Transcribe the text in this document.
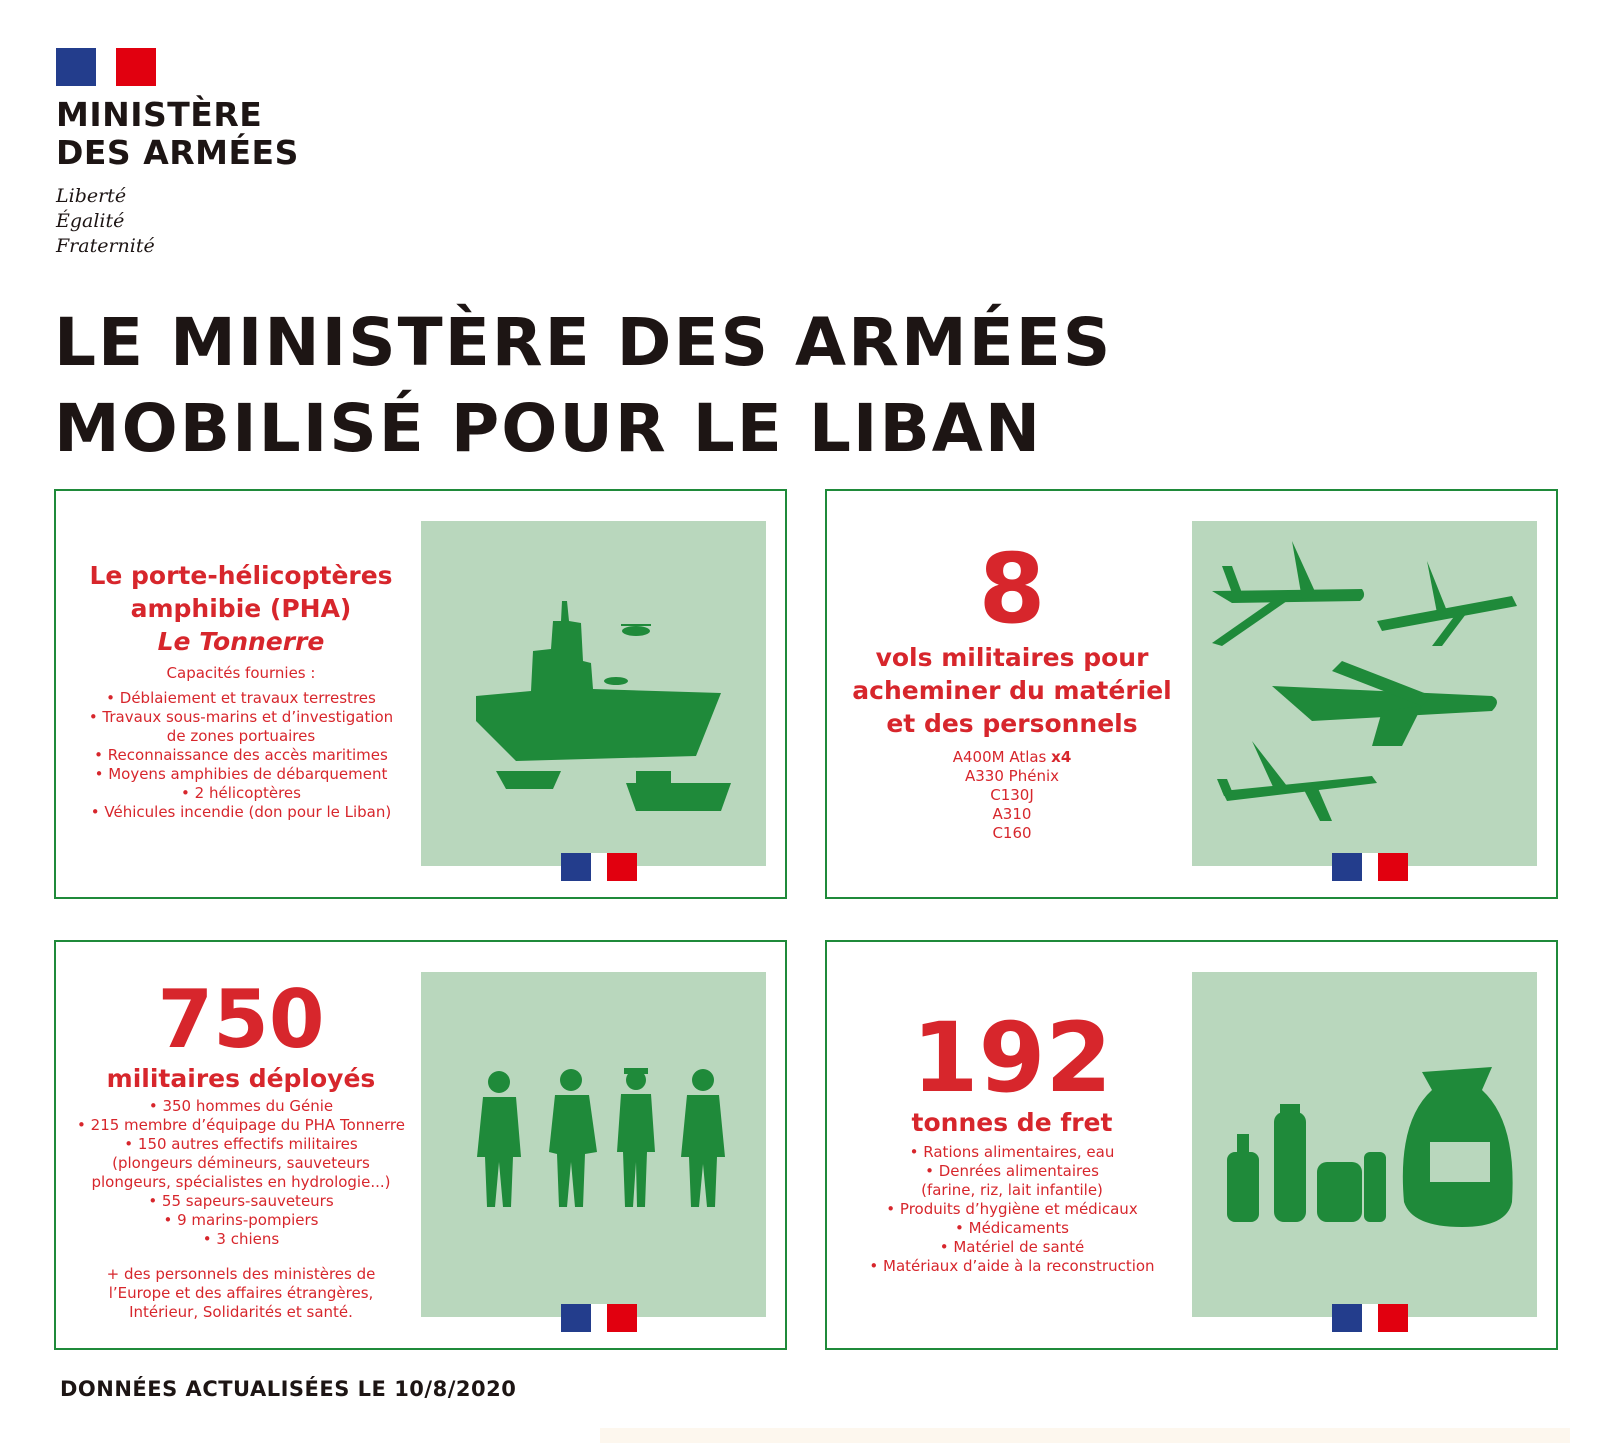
MINISTÈRE
DES ARMÉES
Liberté
Égalité
Fraternité
LE MINISTÈRE DES ARMÉES
MOBILISÉ POUR LE LIBAN
Le porte-hélicoptères
amphibie (PHA)
Le Tonnerre
Capacités fournies :
• Déblaiement et travaux terrestres
• Travaux sous-marins et d’investigation
de zones portuaires
• Reconnaissance des accès maritimes
• Moyens amphibies de débarquement
• 2 hélicoptères
• Véhicules incendie (don pour le Liban)
8
vols militaires pour
acheminer du matériel
et des personnels
A400M Atlas x4
A330 Phénix
C130J
A310
C160
750
militaires déployés
• 350 hommes du Génie
• 215 membre d’équipage du PHA Tonnerre
• 150 autres effectifs militaires
(plongeurs démineurs, sauveteurs
plongeurs, spécialistes en hydrologie...)
• 55 sapeurs-sauveteurs
• 9 marins-pompiers
• 3 chiens
+ des personnels des ministères de
l’Europe et des affaires étrangères,
Intérieur, Solidarités et santé.
192
tonnes de fret
• Rations alimentaires, eau
• Denrées alimentaires
(farine, riz, lait infantile)
• Produits d’hygiène et médicaux
• Médicaments
• Matériel de santé
• Matériaux d’aide à la reconstruction
DONNÉES ACTUALISÉES LE 10/8/2020
